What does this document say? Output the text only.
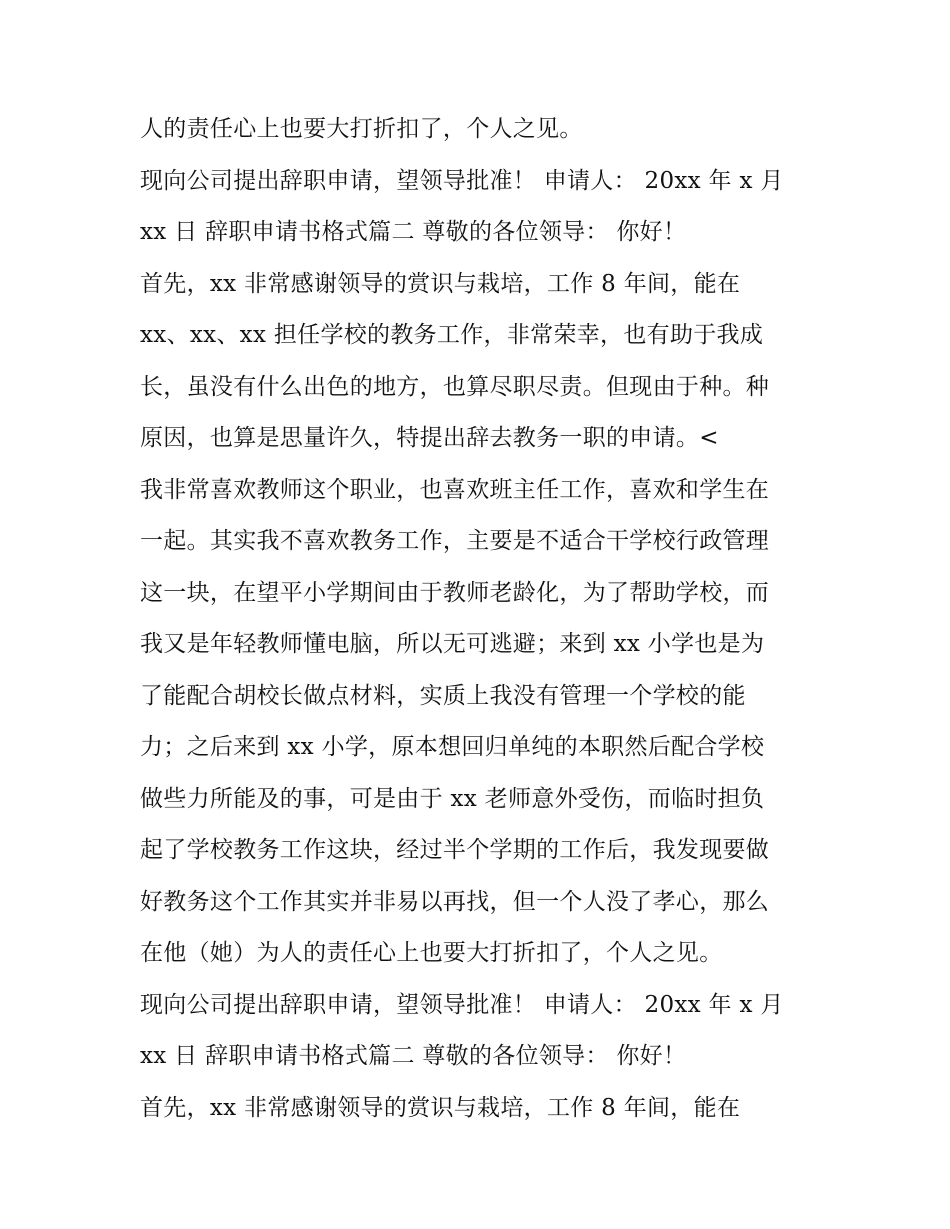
人的责任心上也要大打折扣了，个人之见。
现向公司提出辞职申请，望领导批准！ 申请人： 20xx 年 x 月
xx 日 辞职申请书格式篇二 尊敬的各位领导： 你好！
首先，xx 非常感谢领导的赏识与栽培，工作 8 年间，能在
xx、xx、xx 担任学校的教务工作，非常荣幸，也有助于我成
长，虽没有什么出色的地方，也算尽职尽责。但现由于种。种
原因，也算是思量许久，特提出辞去教务一职的申请。<
我非常喜欢教师这个职业，也喜欢班主任工作，喜欢和学生在
一起。其实我不喜欢教务工作，主要是不适合干学校行政管理
这一块，在望平小学期间由于教师老龄化，为了帮助学校，而
我又是年轻教师懂电脑，所以无可逃避；来到 xx 小学也是为
了能配合胡校长做点材料，实质上我没有管理一个学校的能
力；之后来到 xx 小学，原本想回归单纯的本职然后配合学校
做些力所能及的事，可是由于 xx 老师意外受伤，而临时担负
起了学校教务工作这块，经过半个学期的工作后，我发现要做
好教务这个工作其实并非易以再找，但一个人没了孝心，那么
在他（她）为人的责任心上也要大打折扣了，个人之见。
现向公司提出辞职申请，望领导批准！ 申请人： 20xx 年 x 月
xx 日 辞职申请书格式篇二 尊敬的各位领导： 你好！
首先，xx 非常感谢领导的赏识与栽培，工作 8 年间，能在
